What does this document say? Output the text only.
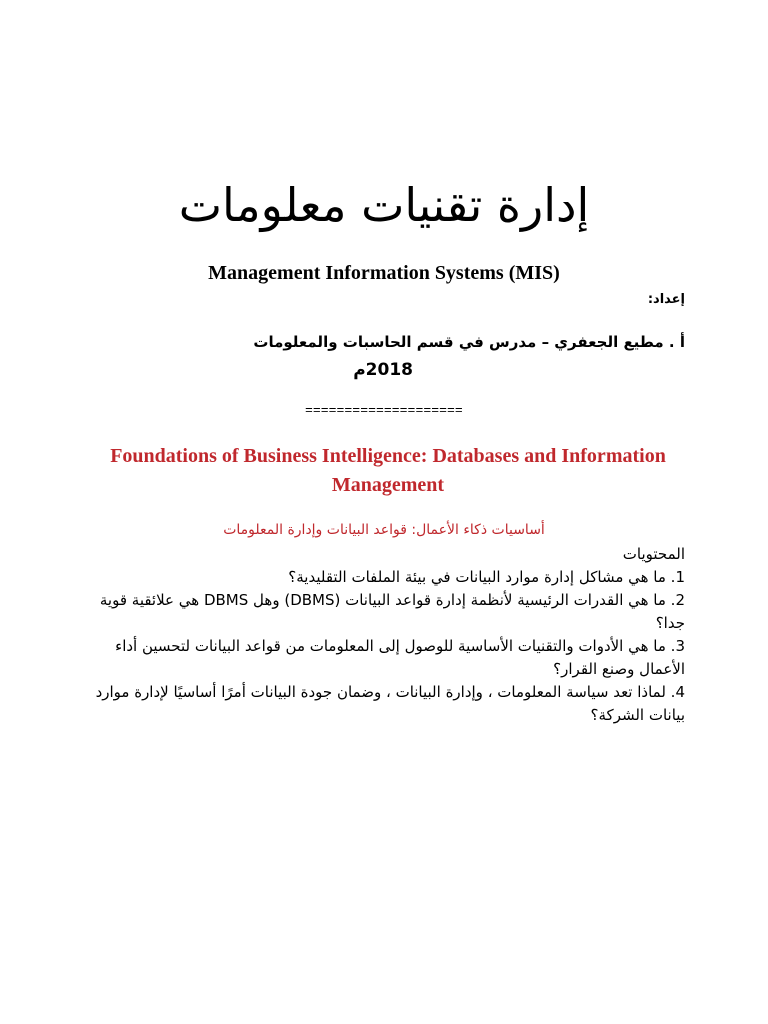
إدارة تقنيات معلومات
Management Information Systems (MIS)
إعداد:
أ . مطيع الجعفري – مدرس في قسم الحاسبات والمعلومات
2018م
====================
Foundations of Business Intelligence: Databases and Information Management
أساسيات ذكاء الأعمال: قواعد البيانات وإدارة المعلومات
المحتويات
1. ما هي مشاكل إدارة موارد البيانات في بيئة الملفات التقليدية؟
2. ما هي القدرات الرئيسية لأنظمة إدارة قواعد البيانات (DBMS) وهل DBMS هي علائقية قوية جدا؟
3. ما هي الأدوات والتقنيات الأساسية للوصول إلى المعلومات من قواعد البيانات لتحسين أداء الأعمال وصنع القرار؟
4. لماذا تعد سياسة المعلومات ، وإدارة البيانات ، وضمان جودة البيانات أمرًا أساسيًا لإدارة موارد بيانات الشركة؟
